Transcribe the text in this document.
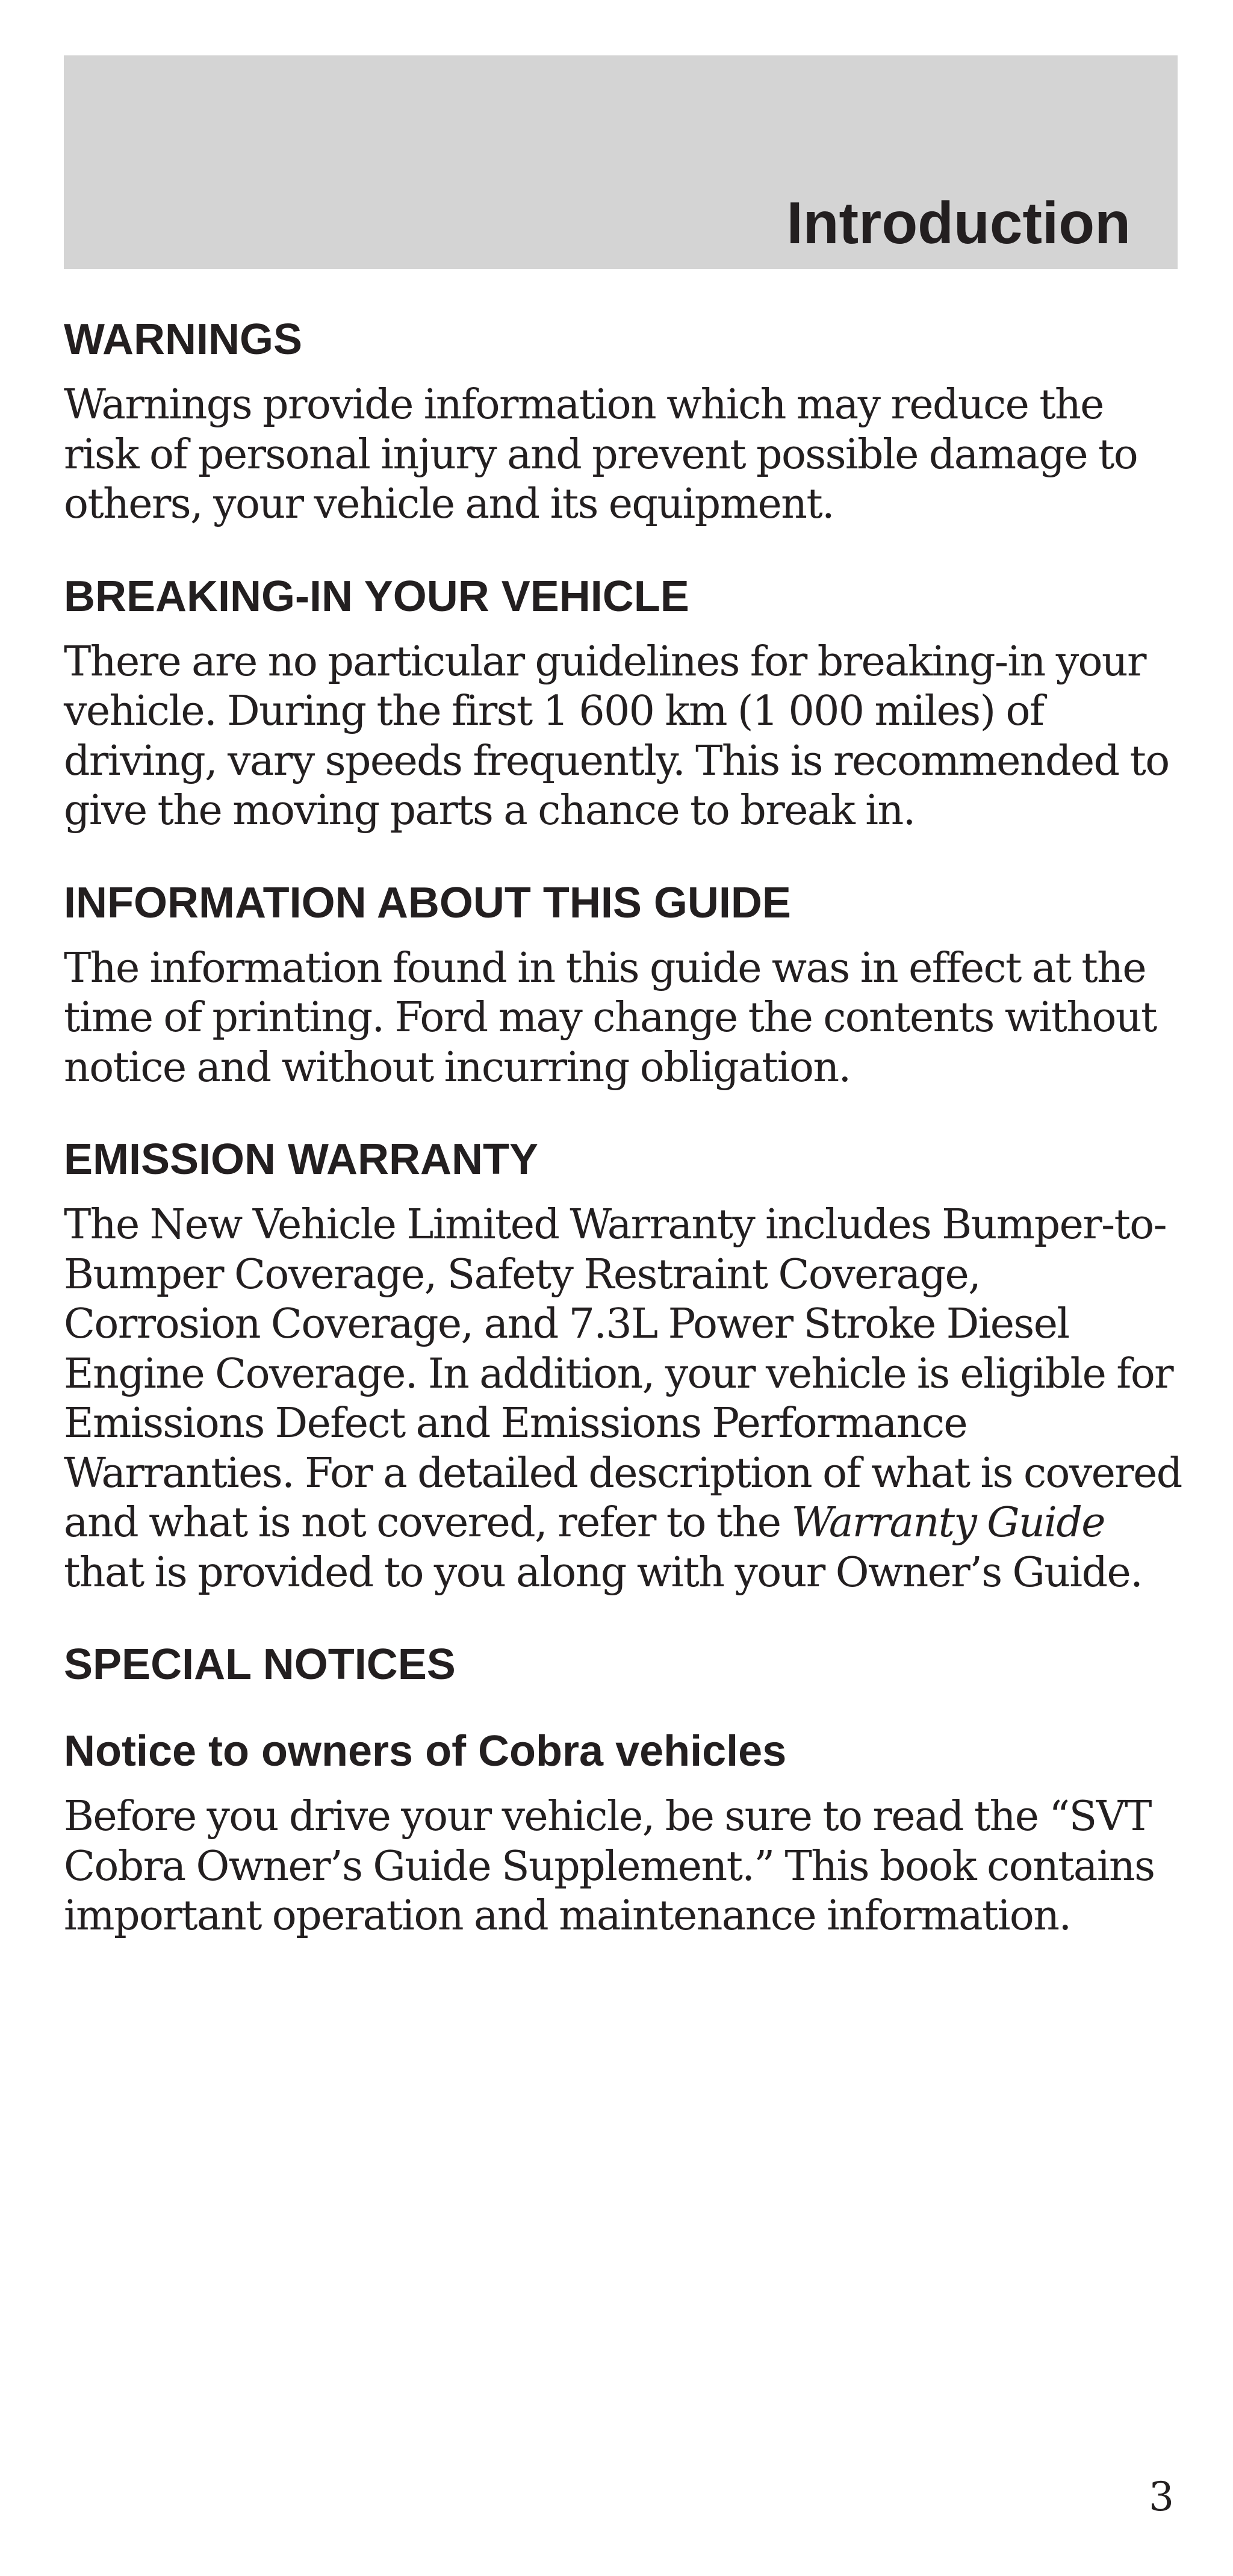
Introduction
WARNINGS

Warnings provide information which may reduce the risk of personal injury and prevent possible damage to others, your vehicle and its equipment.

BREAKING-IN YOUR VEHICLE

There are no particular guidelines for breaking-in your vehicle. During the first 1 600 km (1 000 miles) of driving, vary speeds frequently. This is recommended to give the moving parts a chance to break in.

INFORMATION ABOUT THIS GUIDE

The information found in this guide was in effect at the time of printing. Ford may change the contents without notice and without incurring obligation.

EMISSION WARRANTY

The New Vehicle Limited Warranty includes Bumper-to-Bumper Coverage, Safety Restraint Coverage, Corrosion Coverage, and 7.3L Power Stroke Diesel Engine Coverage. In addition, your vehicle is eligible for Emissions Defect and Emissions Performance Warranties. For a detailed description of what is covered and what is not covered, refer to the Warranty Guide that is provided to you along with your Owner’s Guide.

SPECIAL NOTICES
Notice to owners of Cobra vehicles

Before you drive your vehicle, be sure to read the “SVT Cobra Owner’s Guide Supplement.” This book contains important operation and maintenance information.

3
